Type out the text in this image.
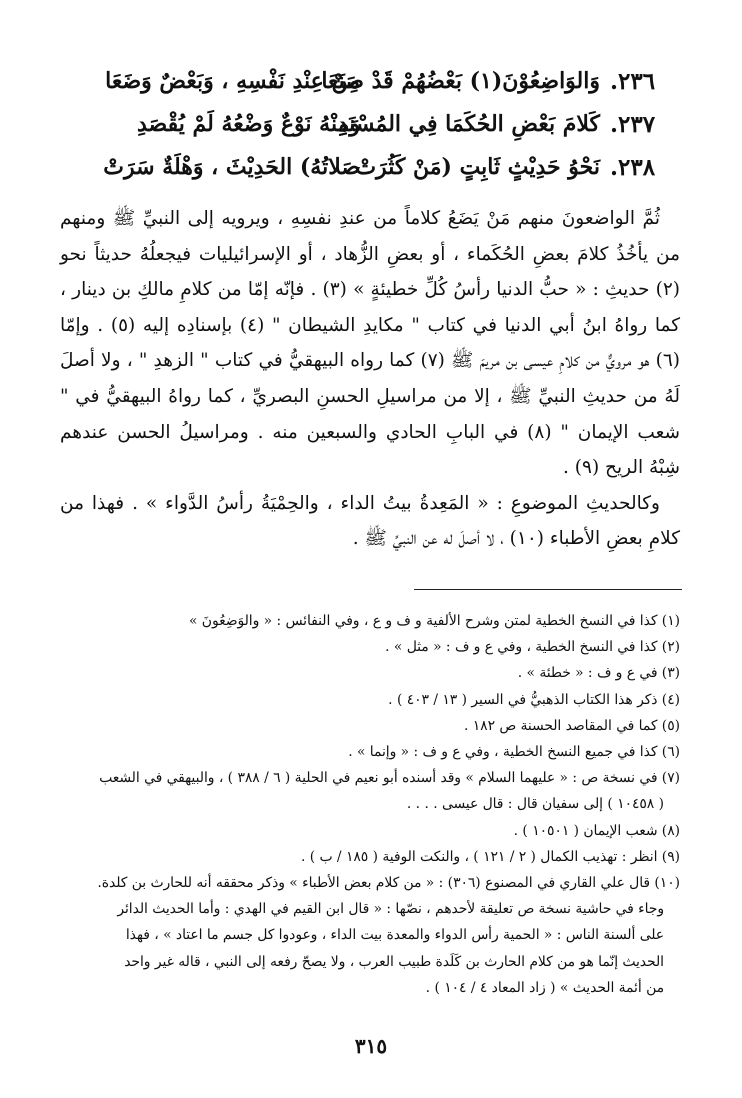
٢٣٦.
وَالوَاضِعُوْنَ(١) بَعْضُهُمْ قَدْ صَنَعَا
مِنْ عِنْدِ نَفْسِهِ ، وَبَعْضٌ وَضَعَا
٢٣٧.
كَلامَ بَعْضِ الحُكَمَا فِي المُسْنَدِ
وَمِنْهُ نَوْعٌ وَضْعُهُ لَمْ يُقْصَدِ
٢٣٨.
نَحْوُ حَدِيْثٍ ثَابِتٍ (مَنْ كَثُرَتْ
صَلاتُهُ) الحَدِيْثَ ، وَهْلَةٌ سَرَتْ

ثُمَّ الواضعونَ منهم مَنْ يَضَعُ كلاماً من عندِ نفسِهِ ، ويرويه إلى النبيِّ ﷺ ومنهم من يأخُذُ كلامَ بعضِ الحُكَماء ، أو بعضِ الزُّهاد ، أو الإسرائيليات فيجعلُهُ حديثاً نحو (٢) حديثِ : « حبُّ الدنيا رأسُ كُلِّ خطيئةٍ » (٣) . فإنّه إمّا من كلامِ مالكِ بن دينار ، كما رواهُ ابنُ أبي الدنيا في كتاب " مكايدِ الشيطان " (٤) بإسنادِه إليه (٥) . وإمّا (٦) هو مرويٌّ من كلامِ عيسى بن مريمَ ﷺ (٧) كما رواه البيهقيُّ في كتاب " الزهدِ " ، ولا أصلَ لَهُ من حديثِ النبيِّ ﷺ ، إلا من مراسيلِ الحسنِ البصريِّ ، كما رواهُ البيهقيُّ في " شعب الإيمان " (٨) في البابِ الحادي والسبعين منه . ومراسيلُ الحسن عندهم شِبْهُ الريح (٩) .

وكالحديثِ الموضوعِ : « المَعِدةُ بيتُ الداء ، والحِمْيَةُ رأسُ الدَّواء » . فهذا من كلامِ بعضِ الأطباء (١٠) ، لا أصلَ له عن النبيِّ ﷺ .

(١) كذا في النسخ الخطية لمتن وشرح الألفية و ف و ع ، وفي النفائس : « والوَضِعُونَ »

(٢) كذا في النسخ الخطية ، وفي ع و ف : « مثل » .

(٣) في ع و ف : « خطئة » .

(٤) ذكر هذا الكتاب الذهبيُّ في السير ( ١٣ / ٤٠٣ ) .

(٥) كما في المقاصد الحسنة ص ١٨٢ .

(٦) كذا في جميع النسخ الخطية ، وفي ع و ف : « وإنما » .

(٧) في نسخة ص : « عليهما السلام » وقد أسنده أبو نعيم في الحلية ( ٦ / ٣٨٨ ) ، والبيهقي في الشعب

( ١٠٤٥٨ ) إلى سفيان قال : قال عيسى . . . .

(٨) شعب الإيمان ( ١٠٥٠١ ) .

(٩) انظر : تهذيب الكمال ( ٢ / ١٢١ ) ، والنكت الوفية ( ١٨٥ / ب ) .

(١٠) قال علي القاري في المصنوع (٣٠٦) : « من كلام بعض الأطباء » وذكر محققه أنه للحارث بن كلدة.

وجاء في حاشية نسخة ص تعليقة لأحدهم ، نصّها : « قال ابن القيم في الهدي : وأما الحديث الدائر

على ألسنة الناس : « الحمية رأس الدواء والمعدة بيت الداء ، وعودوا كل جسم ما اعتاد » ، فهذا

الحديث إنّما هو من كلام الحارث بن كَلَدة طبيب العرب ، ولا يصحّ رفعه إلى النبي ، قاله غير واحد

من أئمة الحديث » ( زاد المعاد ٤ / ١٠٤ ) .

٣١٥
